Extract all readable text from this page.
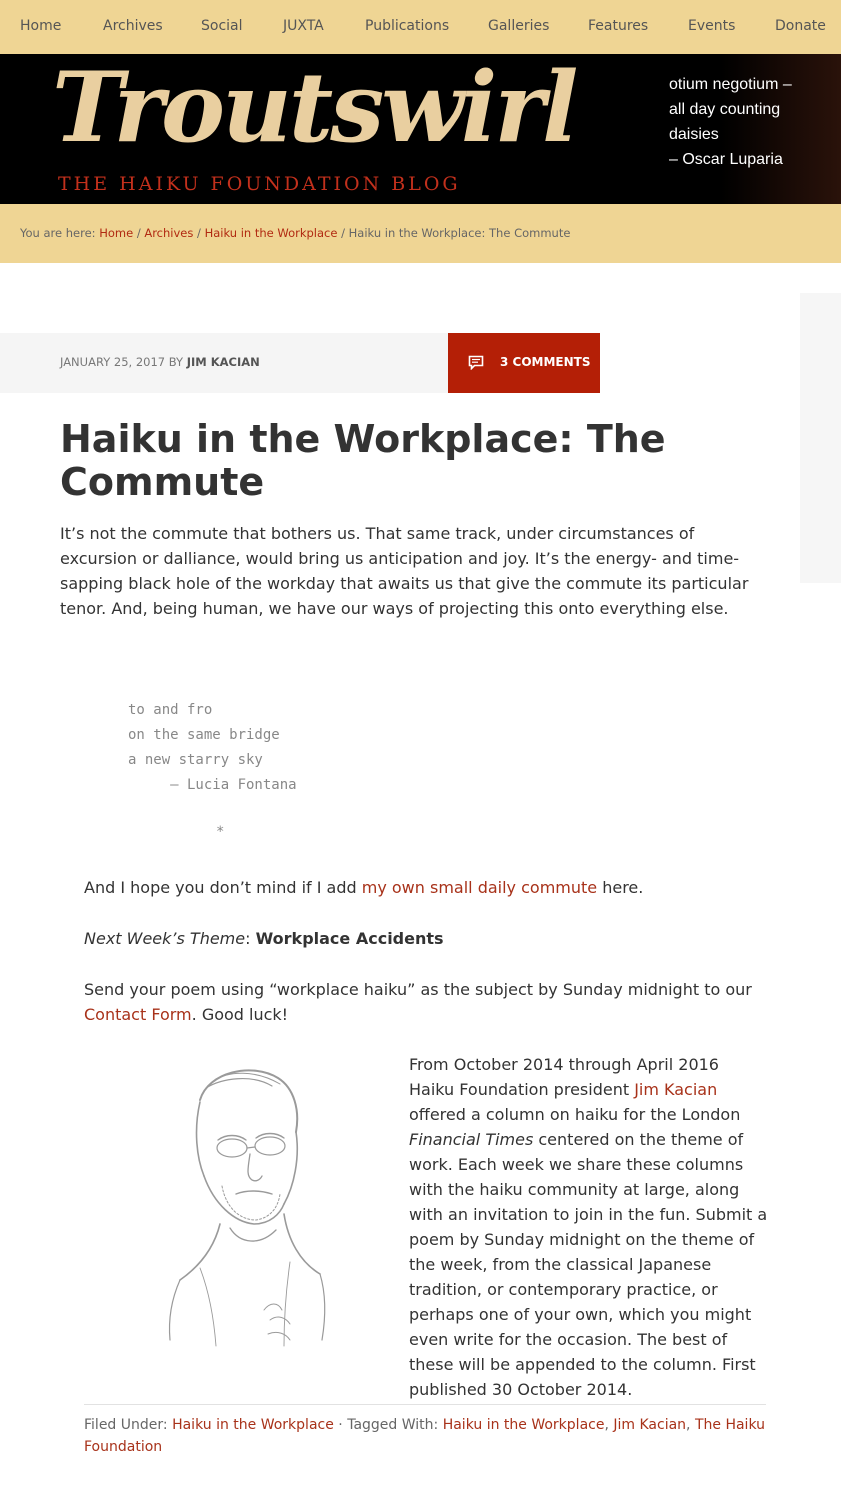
Home	Archives	Social	JUXTA	Publications	Galleries	Features	Events	Donate
Troutswirl
THE HAIKU FOUNDATION BLOG
otium negotium –
all day counting
daisies
– Oscar Luparia
You are here: Home / Archives / Haiku in the Workplace / Haiku in the Workplace: The Commute
JANUARY 25, 2017 BY JIM KACIAN	3 COMMENTS
Haiku in the Workplace: The Commute

It’s not the commute that bothers us. That same track, under circumstances of excursion or dalliance, would bring us anticipation and joy. It’s the energy- and time-sapping black hole of the workday that awaits us that give the commute its particular tenor. And, being human, we have our ways of projecting this onto everything else.

to and fro
on the same bridge
a new starry sky
– Lucia Fontana
*

And I hope you don’t mind if I add my own small daily commute here.

Next Week’s Theme: Workplace Accidents

Send your poem using “workplace haiku” as the subject by Sunday midnight to our Contact Form. Good luck!

From October 2014 through April 2016 Haiku Foundation president Jim Kacian offered a column on haiku for the London Financial Times centered on the theme of work. Each week we share these columns with the haiku community at large, along with an invitation to join in the fun. Submit a poem by Sunday midnight on the theme of the week, from the classical Japanese tradition, or contemporary practice, or perhaps one of your own, which you might even write for the occasion. The best of these will be appended to the column. First published 30 October 2014.

Filed Under: Haiku in the Workplace · Tagged With: Haiku in the Workplace, Jim Kacian, The Haiku Foundation
